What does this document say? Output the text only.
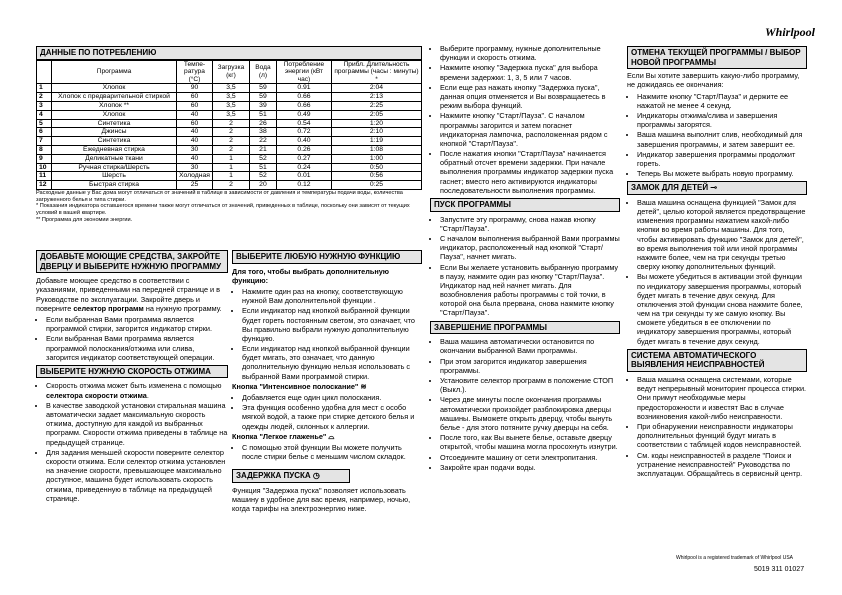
Whirlpool
ДАННЫЕ ПО ПОТРЕБЛЕНИЮ
	Программа	Темпе-ратура (°C)	Загрузка (кг)	Вода (л)	Потребление энергии (кВт час)	Прибл. Длительность программы (часы : минуты) *
1	Хлопок	90	3,5	59	0.91	2:04
2	Хлопок с предварительной стиркой	60	3,5	59	0.66	2:13
3	Хлопок **	60	3,5	39	0.66	2:25
4	Хлопок	40	3,5	51	0.49	2:05
5	Синтетика	60	2	26	0.54	1:20
6	Джинсы	40	2	38	0.72	2:10
7	Синтетика	40	2	22	0.40	1:19
8	Ежедневная стирка	30	2	21	0.26	1:08
9	Деликатные ткани	40	1	52	0.27	1:00
10	Ручная стирка/Шерсть	30	1	51	0.24	0:50
11	Шерсть	Холодная	1	52	0.01	0:56
12	Быстрая стирка	25	2	20	0.12	0:25
Расходные данные у Вас дома могут отличаться от значений в таблице в зависимости от давления и температуры подачи воды, количества загруженного белья и типа стирки.
* Показания индикатора оставшегося времени также могут отличаться от значений, приведенных в таблице, поскольку они зависят от текущих условий в вашей квартире.
** Программа для экономии энергии.
ДОБАВЬТЕ МОЮЩИЕ СРЕДСТВА, ЗАКРОЙТЕ ДВЕРЦУ И ВЫБЕРИТЕ НУЖНУЮ ПРОГРАММУ

Добавьте моющее средство в соответствии с указаниями, приведенными на передней странице и в Руководстве по эксплуатации. Закройте дверь и поверните селектор программ на нужную программу.

• Если выбранная Вами программа является программой стирки, загорится индикатор стирки.
• Если выбранная Вами программа является программой полоскания/отжима или слива, загорится индикатор соответствующей операции.
ВЫБЕРИТЕ НУЖНУЮ СКОРОСТЬ ОТЖИМА
• Скорость отжима может быть изменена с помощью селектора скорости отжима.
• В качестве заводской установки стиральная машина автоматически задает максимальную скорость отжима, доступную для каждой из выбранных программ. Скорости отжима приведены в таблице на предыдущей странице.
• Для задания меньшей скорости поверните селектор скорости отжима. Если селектор отжима установлен на значение скорости, превышающее максимально доступное, машина будет использовать скорость отжима, приведенную в таблице на предыдущей странице.
ВЫБЕРИТЕ ЛЮБУЮ НУЖНУЮ ФУНКЦИЮ

Для того, чтобы выбрать дополнительную функцию:

• Нажмите один раз на кнопку, соответствующую нужной Вам дополнительной функции .
• Если индикатор над кнопкой выбранной функции будет гореть постоянным светом, это означает, что Вы правильно выбрали нужную дополнительную функцию.
• Если индикатор над кнопкой выбранной функции будет мигать, это означает, что данную дополнительную функцию нельзя использовать с выбранной Вами программой стирки.

Кнопка "Интенсивное полоскание" ≋

• Добавляется еще один цикл полоскания.
• Эта функция особенно удобна для мест с особо мягкой водой, а также при стирке детского белья и одежды людей, склонных к аллергии.

Кнопка "Легкое глаженье" ⌓

• С помощью этой функции Вы можете получить после стирки белье с меньшим числом складок.
ЗАДЕРЖКА ПУСКА ◷

Функция "Задержка пуска" позволяет использовать машину в удобное для вас время, например, ночью, когда тарифы на электроэнергию ниже.

• Выберите программу, нужные дополнительные функции и скорость отжима.
• Нажмите кнопку "Задержка пуска" для выбора времени задержки: 1, 3, 5 или 7 часов.
• Если еще раз нажать кнопку "Задержка пуска", данная опция отменяется и Вы возвращаетесь в режим выбора функций.
• Нажмите кнопку "Старт/Пауза". С началом программы загорится и затем погаснет индикаторная лампочка, расположенная рядом с кнопкой "Старт/Пауза".
• После нажатия кнопки "Старт/Пауза" начинается обратный отсчет времени задержки. При начале выполнения программы индикатор задержки пуска гаснет; вместо него активируются индикаторы последовательности выполнения программы.
ПУСК ПРОГРАММЫ
• Запустите эту программу, снова нажав кнопку "Старт/Пауза".
• С началом выполнения выбранной Вами программы индикатор, расположенный над кнопкой "Старт/Пауза", начнет мигать.
• Если Вы желаете установить выбранную программу в паузу, нажмите один раз кнопку "Старт/Пауза". Индикатор над ней начнет мигать. Для возобновления работы программы с той точки, в которой она была прервана, снова нажмите кнопку "Старт/Пауза".
ЗАВЕРШЕНИЕ ПРОГРАММЫ
• Ваша машина автоматически остановится по окончании выбранной Вами программы.
• При этом загорится индикатор завершения программы.
• Установите селектор программ в положение СТОП (Выкл.).
• Через две минуты после окончания программы автоматически произойдет разблокировка дверцы машины. Выможете открыть дверцу, чтобы вынуть белье - для этого потяните ручку дверцы на себя.
• После того, как Вы вынете белье, оставьте дверцу открытой, чтобы машина могла просохнуть изнутри.
• Отсоедините машину от сети электропитания.
• Закройте кран подачи воды.
ОТМЕНА ТЕКУЩЕЙ ПРОГРАММЫ / ВЫБОР НОВОЙ ПРОГРАММЫ

Если Вы хотите завершить какую-либо программу, не дожидаясь ее окончания:

• Нажмите кнопку "Старт/Пауза" и держите ее нажатой не менее 4 секунд.
• Индикаторы отжима/слива и завершения программы загорятся.
• Ваша машина выполнит слив, необходимый для завершения программы, и затем завершит ее.
• Индикатор завершения программы продолжит гореть.
• Теперь Вы можете выбрать новую программу.
ЗАМОК ДЛЯ ДЕТЕЙ ⊸
• Ваша машина оснащена функцией "Замок для детей", целью которой является предотвращение изменения программы нажатием какой-либо кнопки во время работы машины. Для того, чтобы активировать функцию "Замок для детей", во время выполнения той или иной программы нажмите более, чем на три секунды третью сверху кнопку дополнительных функций.
• Вы можете убедиться в активации этой функции по индикатору завершения программы, который будет мигать в течение двух секунд. Для отключения этой функции снова нажмите более, чем на три секунды ту же самую кнопку. Вы сможете убедиться в ее отключении по индикатору завершения программы, который будет мигать в течение двух секунд.
СИСТЕМА АВТОМАТИЧЕСКОГО ВЫЯВЛЕНИЯ НЕИСПРАВНОСТЕЙ
• Ваша машина оснащена системами, которые ведут непрерывный мониторинг процесса стирки. Они примут необходимые меры предосторожности и известят Вас в случае возникновения какой-либо неисправности.
• При обнаружении неисправности индикаторы дополнительных функций будут мигать в соответствии с таблицей кодов неисправностей.
• См. коды неисправностей в разделе "Поиск и устранение неисправностей" Руководства по эксплуатации. Обращайтесь в сервисный центр.
Whirlpool is a registered trademark of Whirlpool USA
5019 311 01027
